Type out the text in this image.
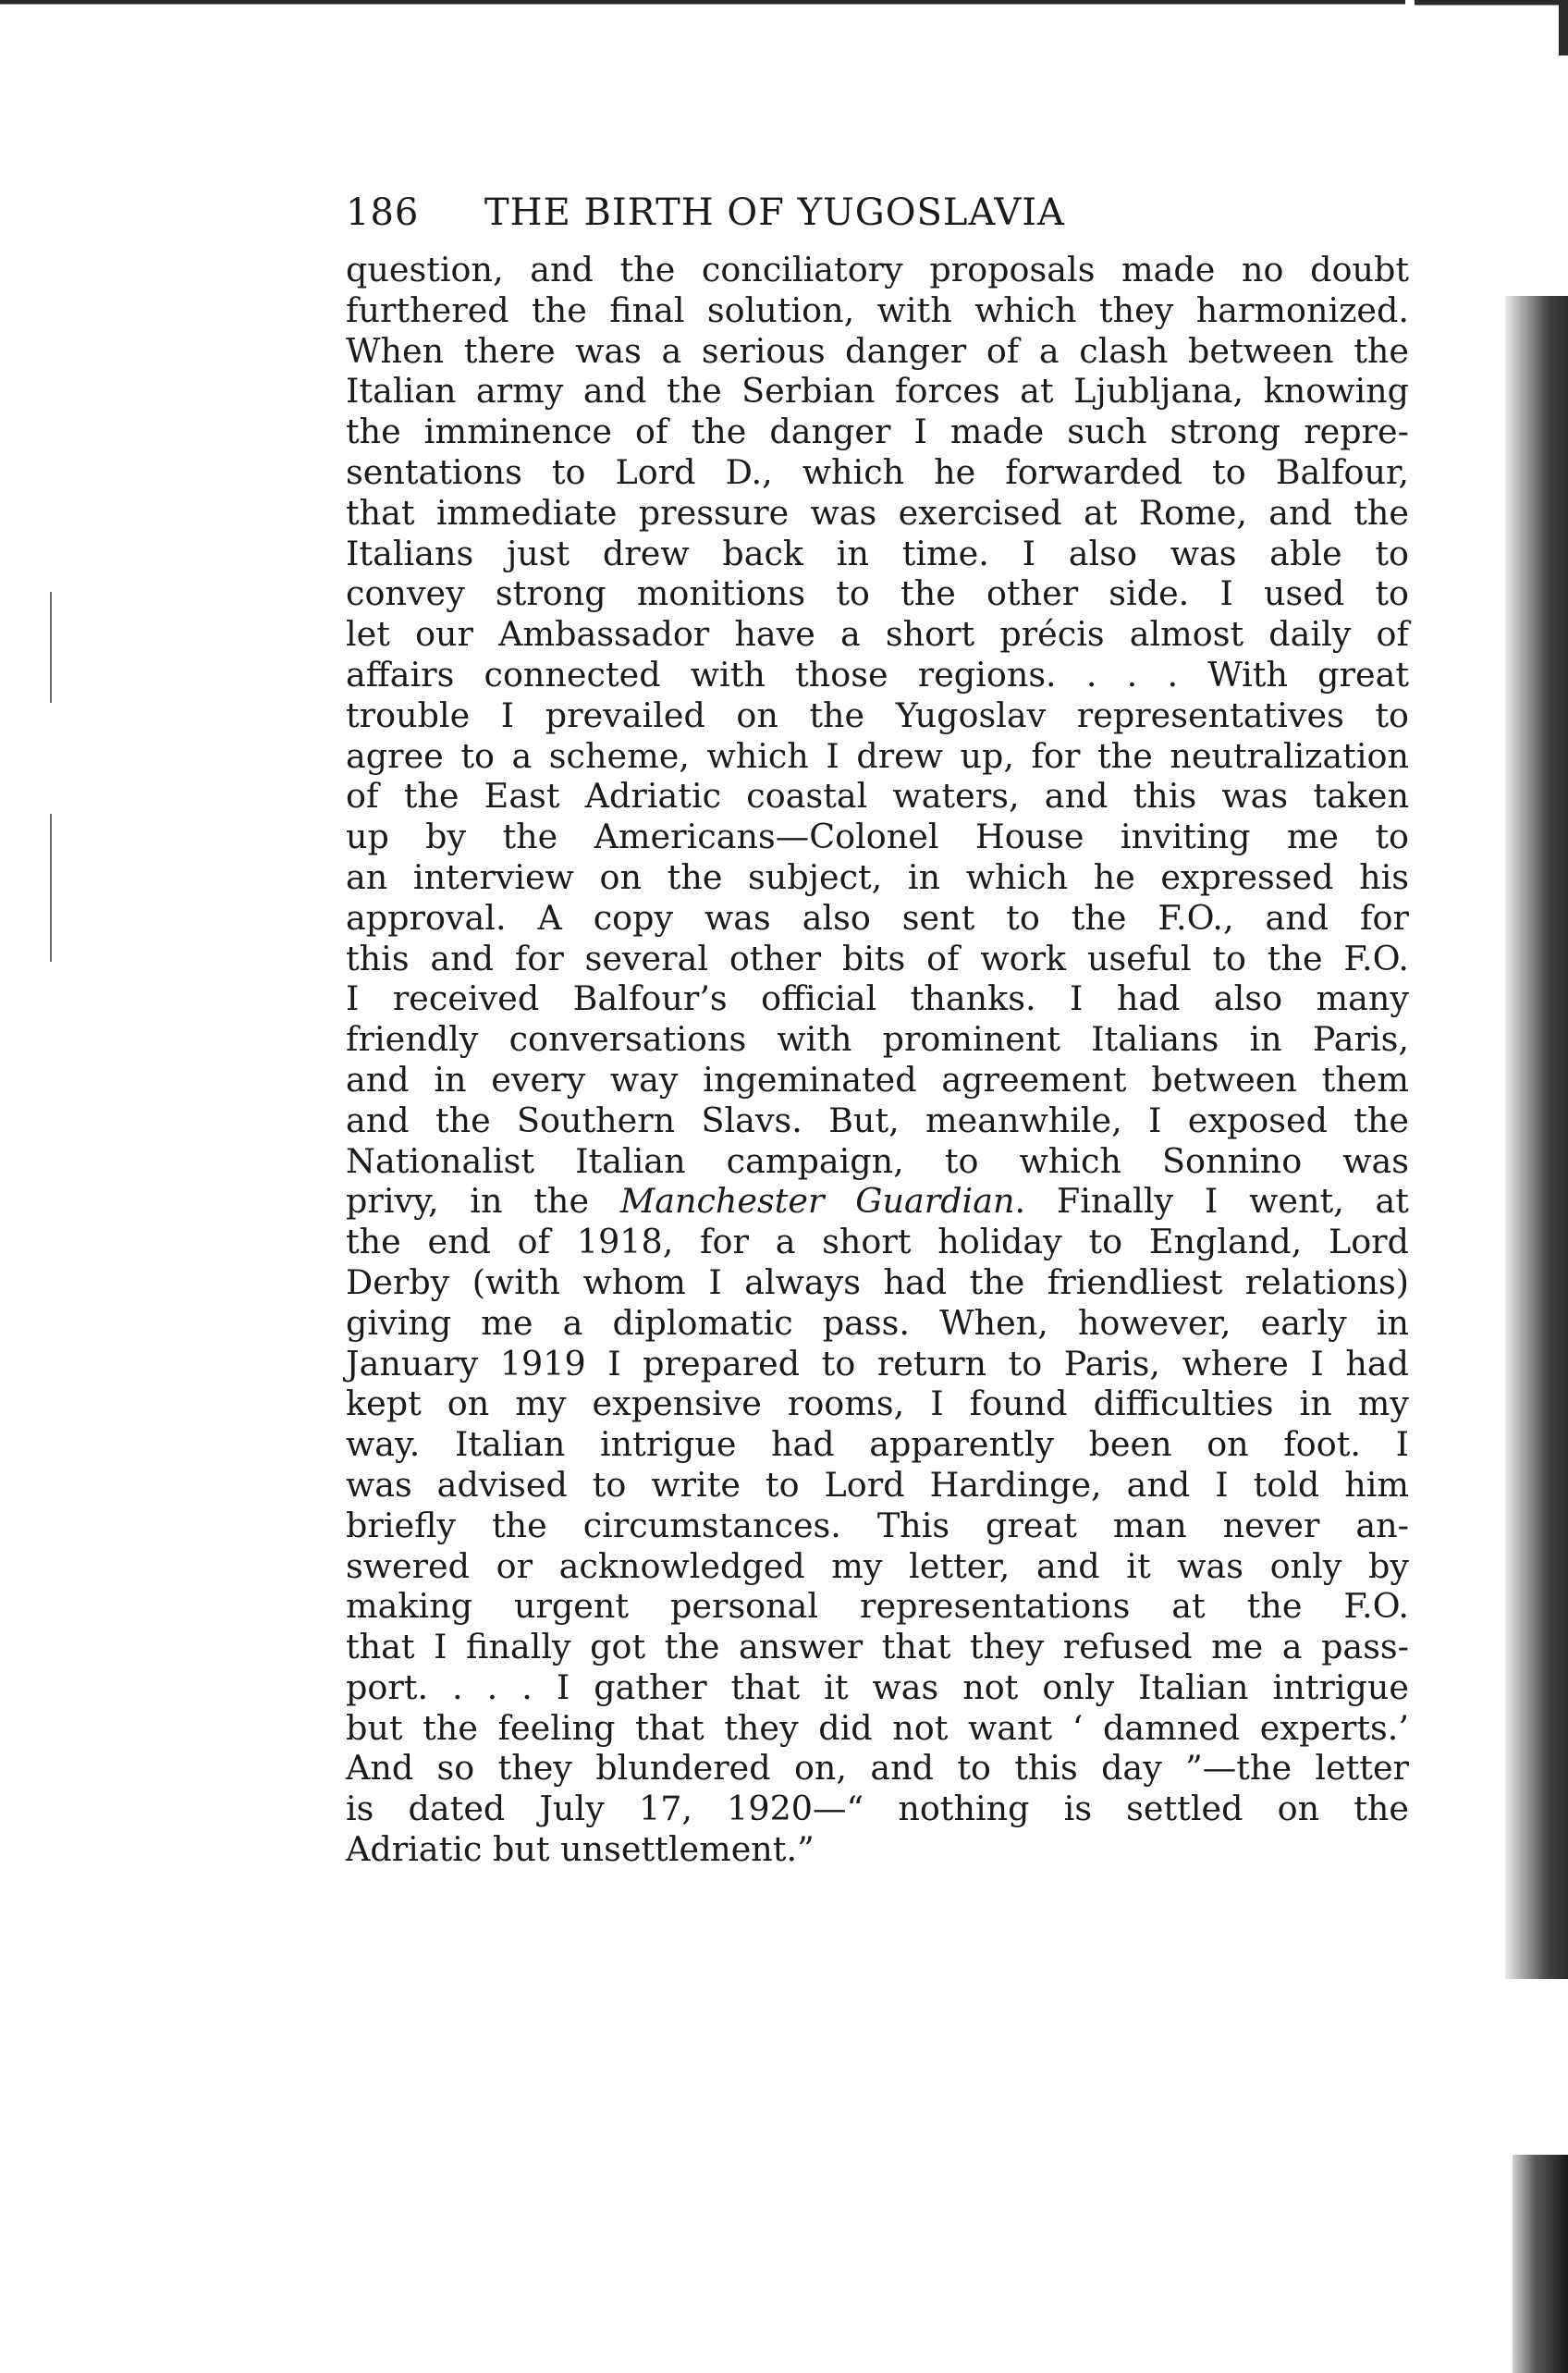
186	THE BIRTH OF YUGOSLAVIA
question, and the conciliatory proposals made no doubt
furthered the final solution, with which they harmonized.
When there was a serious danger of a clash between the
Italian army and the Serbian forces at Ljubljana, knowing
the imminence of the danger I made such strong repre-
sentations to Lord D., which he forwarded to Balfour,
that immediate pressure was exercised at Rome, and the
Italians just drew back in time. I also was able to
convey strong monitions to the other side. I used to
let our Ambassador have a short précis almost daily of
affairs connected with those regions. . . . With great
trouble I prevailed on the Yugoslav representatives to
agree to a scheme, which I drew up, for the neutralization
of the East Adriatic coastal waters, and this was taken
up by the Americans—Colonel House inviting me to
an interview on the subject, in which he expressed his
approval. A copy was also sent to the F.O., and for
this and for several other bits of work useful to the F.O.
I received Balfour’s official thanks. I had also many
friendly conversations with prominent Italians in Paris,
and in every way ingeminated agreement between them
and the Southern Slavs. But, meanwhile, I exposed the
Nationalist Italian campaign, to which Sonnino was
privy, in the Manchester Guardian. Finally I went, at
the end of 1918, for a short holiday to England, Lord
Derby (with whom I always had the friendliest relations)
giving me a diplomatic pass. When, however, early in
January 1919 I prepared to return to Paris, where I had
kept on my expensive rooms, I found difficulties in my
way. Italian intrigue had apparently been on foot. I
was advised to write to Lord Hardinge, and I told him
briefly the circumstances. This great man never an-
swered or acknowledged my letter, and it was only by
making urgent personal representations at the F.O.
that I finally got the answer that they refused me a pass-
port. . . . I gather that it was not only Italian intrigue
but the feeling that they did not want ‘ damned experts.’
And so they blundered on, and to this day ”—the letter
is dated July 17, 1920—“ nothing is settled on the
Adriatic but unsettlement.”
